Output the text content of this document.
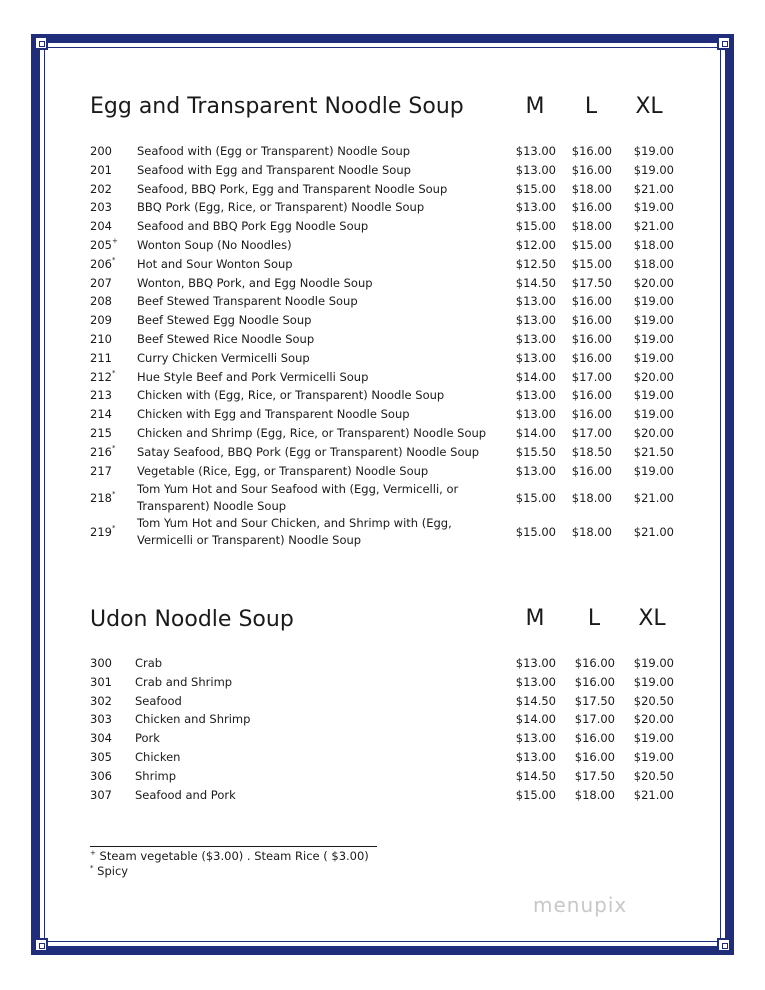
Egg and Transparent Noodle Soup	M	L	XL
200 Seafood with (Egg or Transparent) Noodle Soup	$13.00	$16.00	$19.00
201 Seafood with Egg and Transparent Noodle Soup	$13.00	$16.00	$19.00
202 Seafood, BBQ Pork, Egg and Transparent Noodle Soup	$15.00	$18.00	$21.00
203 BBQ Pork (Egg, Rice, or Transparent) Noodle Soup	$13.00	$16.00	$19.00
204 Seafood and BBQ Pork Egg Noodle Soup	$15.00	$18.00	$21.00
205+ Wonton Soup (No Noodles)	$12.00	$15.00	$18.00
206* Hot and Sour Wonton Soup	$12.50	$15.00	$18.00
207 Wonton, BBQ Pork, and Egg Noodle Soup	$14.50	$17.50	$20.00
208 Beef Stewed Transparent Noodle Soup	$13.00	$16.00	$19.00
209 Beef Stewed Egg Noodle Soup	$13.00	$16.00	$19.00
210 Beef Stewed Rice Noodle Soup	$13.00	$16.00	$19.00
211 Curry Chicken Vermicelli Soup	$13.00	$16.00	$19.00
212* Hue Style Beef and Pork Vermicelli Soup	$14.00	$17.00	$20.00
213 Chicken with (Egg, Rice, or Transparent) Noodle Soup	$13.00	$16.00	$19.00
214 Chicken with Egg and Transparent Noodle Soup	$13.00	$16.00	$19.00
215 Chicken and Shrimp (Egg, Rice, or Transparent) Noodle Soup	$14.00	$17.00	$20.00
216* Satay Seafood, BBQ Pork (Egg or Transparent) Noodle Soup	$15.50	$18.50	$21.50
217 Vegetable (Rice, Egg, or Transparent) Noodle Soup	$13.00	$16.00	$19.00
218* Tom Yum Hot and Sour Seafood with (Egg, Vermicelli, or Transparent) Noodle Soup
$15.00	$18.00	$21.00
219* Tom Yum Hot and Sour Chicken, and Shrimp with (Egg, Vermicelli or Transparent) Noodle Soup
$15.00	$18.00	$21.00
Udon Noodle Soup	M	L	XL
300 Crab	$13.00	$16.00	$19.00
301 Crab and Shrimp	$13.00	$16.00	$19.00
302 Seafood	$14.50	$17.50	$20.50
303 Chicken and Shrimp	$14.00	$17.00	$20.00
304 Pork	$13.00	$16.00	$19.00
305 Chicken	$13.00	$16.00	$19.00
306 Shrimp	$14.50	$17.50	$20.50
307 Seafood and Pork	$15.00	$18.00	$21.00
+ Steam vegetable ($3.00) . Steam Rice ( $3.00)
* Spicy
menupix
